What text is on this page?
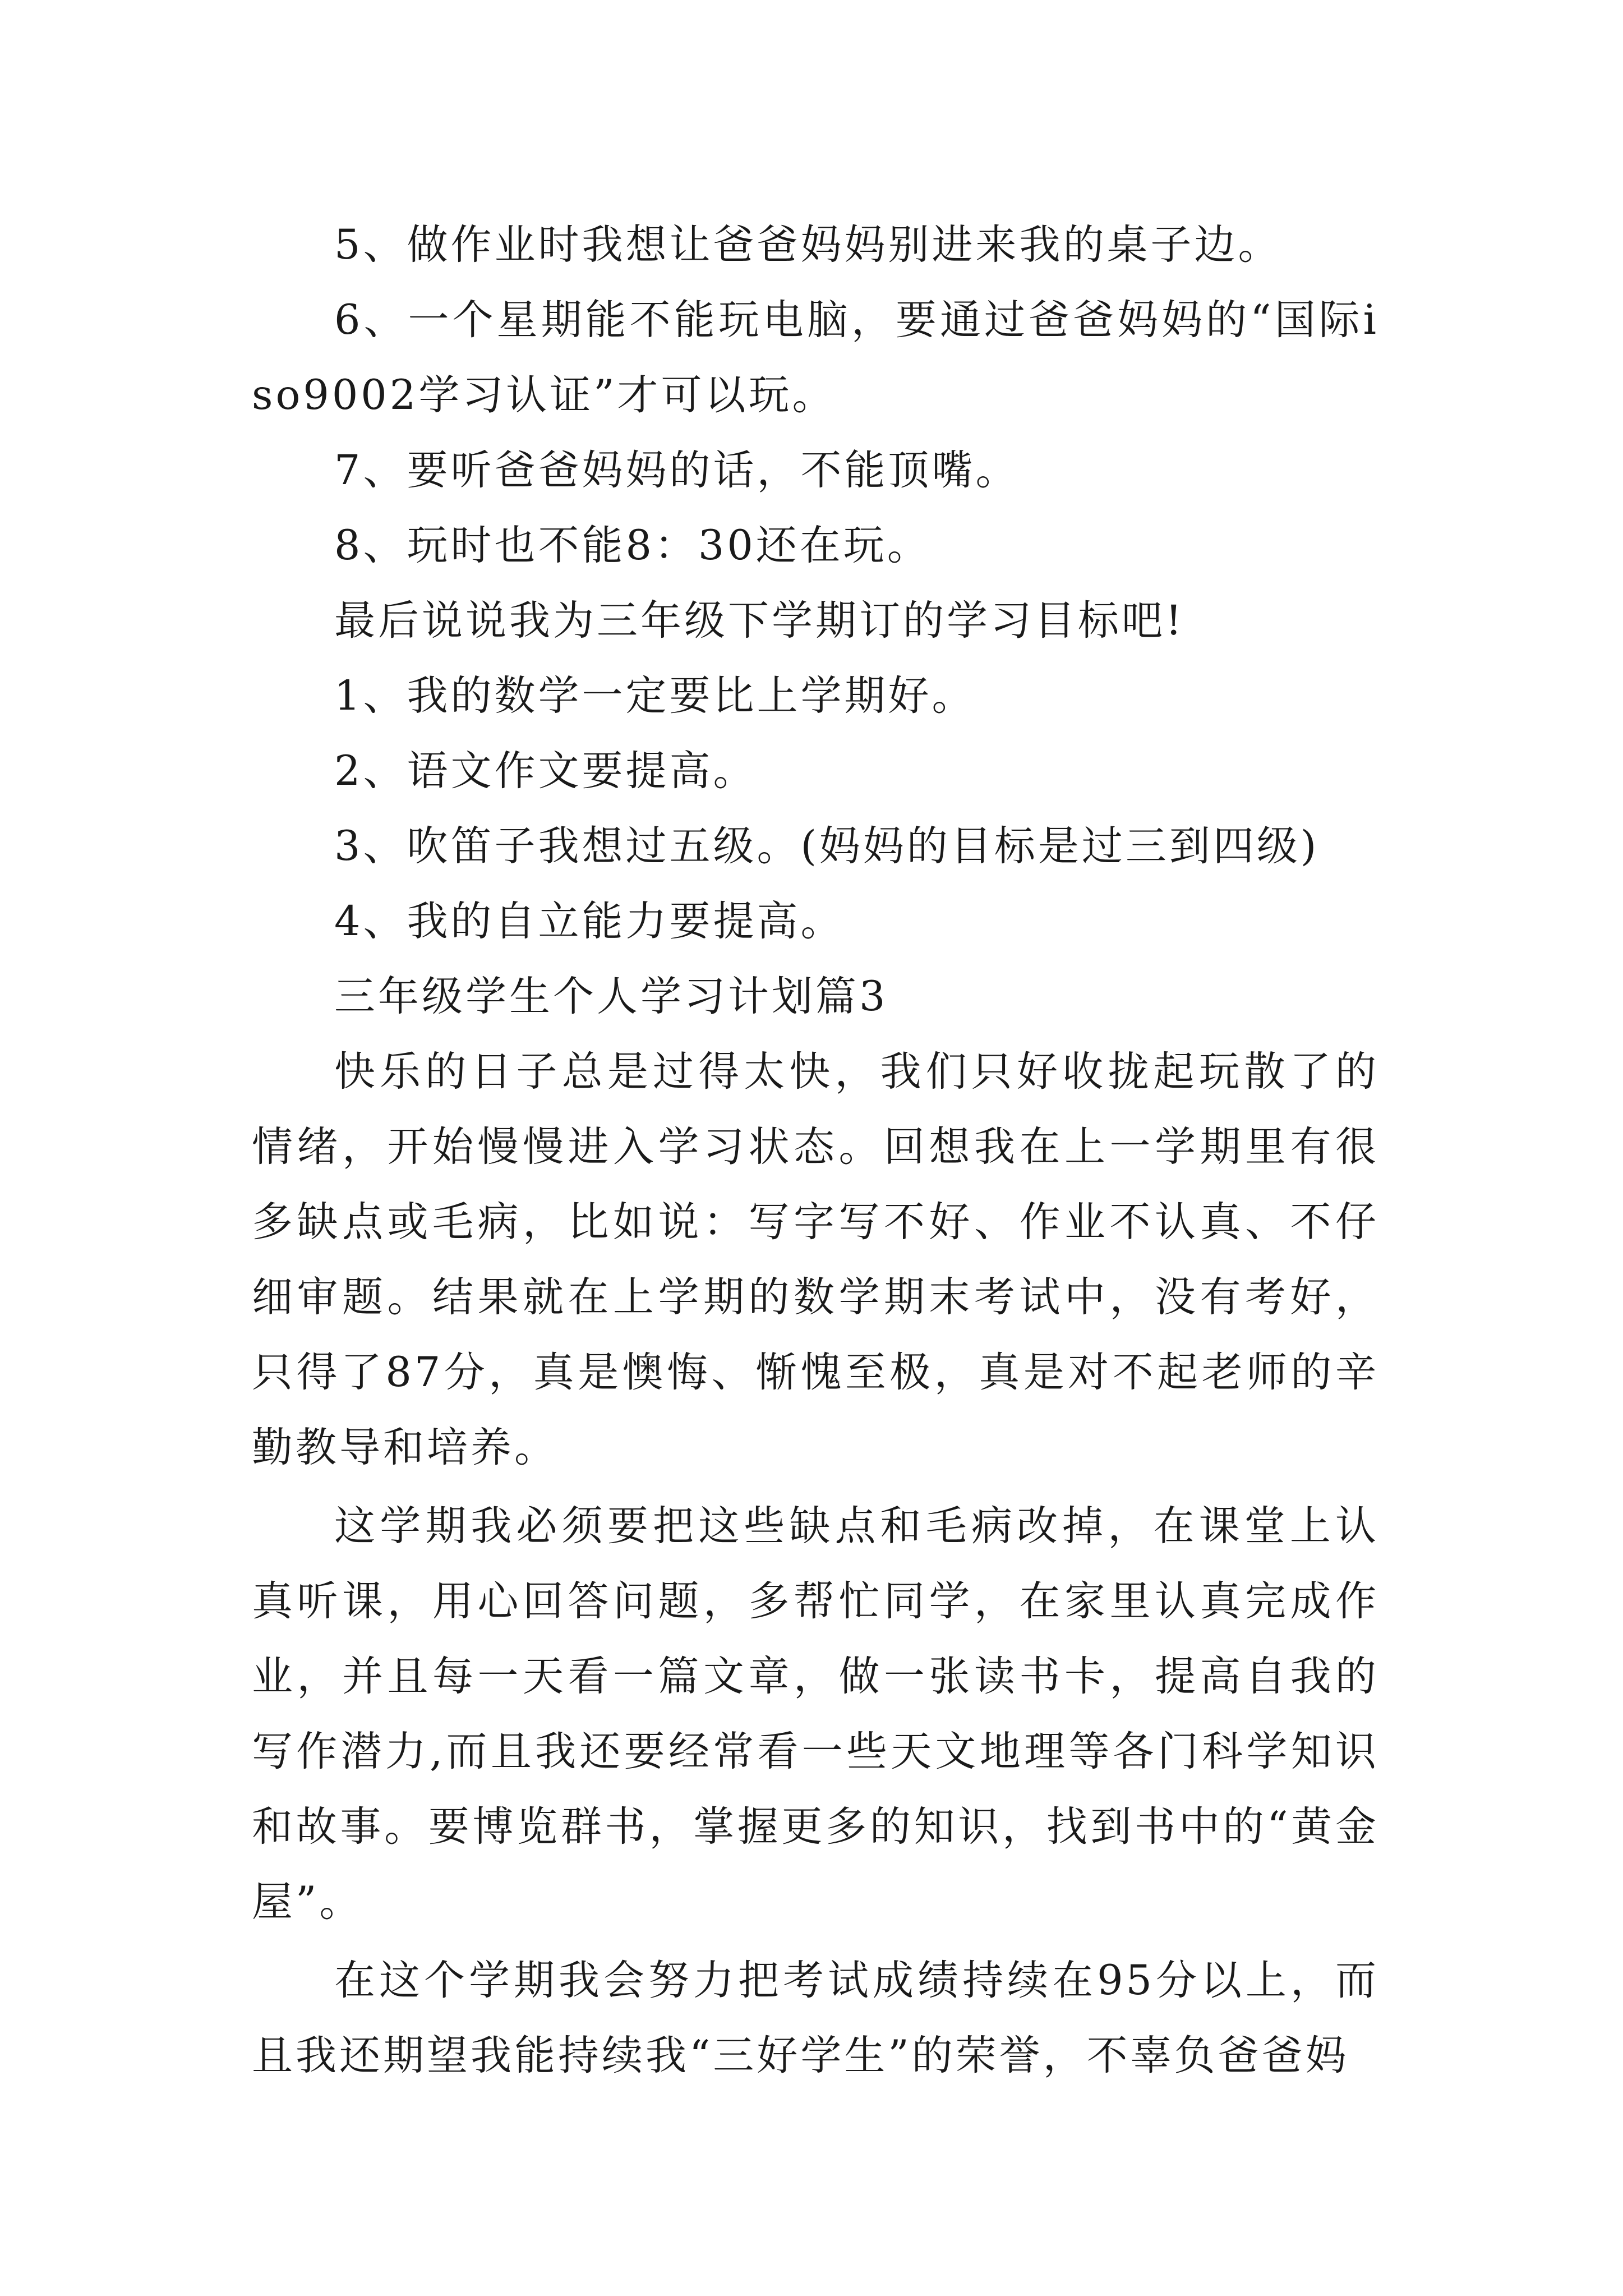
5、做作业时我想让爸爸妈妈别进来我的桌子边。

6、一个星期能不能玩电脑，要通过爸爸妈妈的“国际iso9002学习认证”才可以玩。

7、要听爸爸妈妈的话，不能顶嘴。

8、玩时也不能8：30还在玩。

最后说说我为三年级下学期订的学习目标吧!

1、我的数学一定要比上学期好。

2、语文作文要提高。

3、吹笛子我想过五级。(妈妈的目标是过三到四级)

4、我的自立能力要提高。

三年级学生个人学习计划篇3

快乐的日子总是过得太快，我们只好收拢起玩散了的情绪，开始慢慢进入学习状态。回想我在上一学期里有很多缺点或毛病，比如说：写字写不好、作业不认真、不仔细审题。结果就在上学期的数学期末考试中，没有考好，只得了87分，真是懊悔、惭愧至极，真是对不起老师的辛勤教导和培养。

这学期我必须要把这些缺点和毛病改掉，在课堂上认真听课，用心回答问题，多帮忙同学，在家里认真完成作业，并且每一天看一篇文章，做一张读书卡，提高自我的写作潜力,而且我还要经常看一些天文地理等各门科学知识和故事。要博览群书，掌握更多的知识，找到书中的“黄金屋”。

在这个学期我会努力把考试成绩持续在95分以上，而且我还期望我能持续我“三好学生”的荣誉，不辜负爸爸妈
